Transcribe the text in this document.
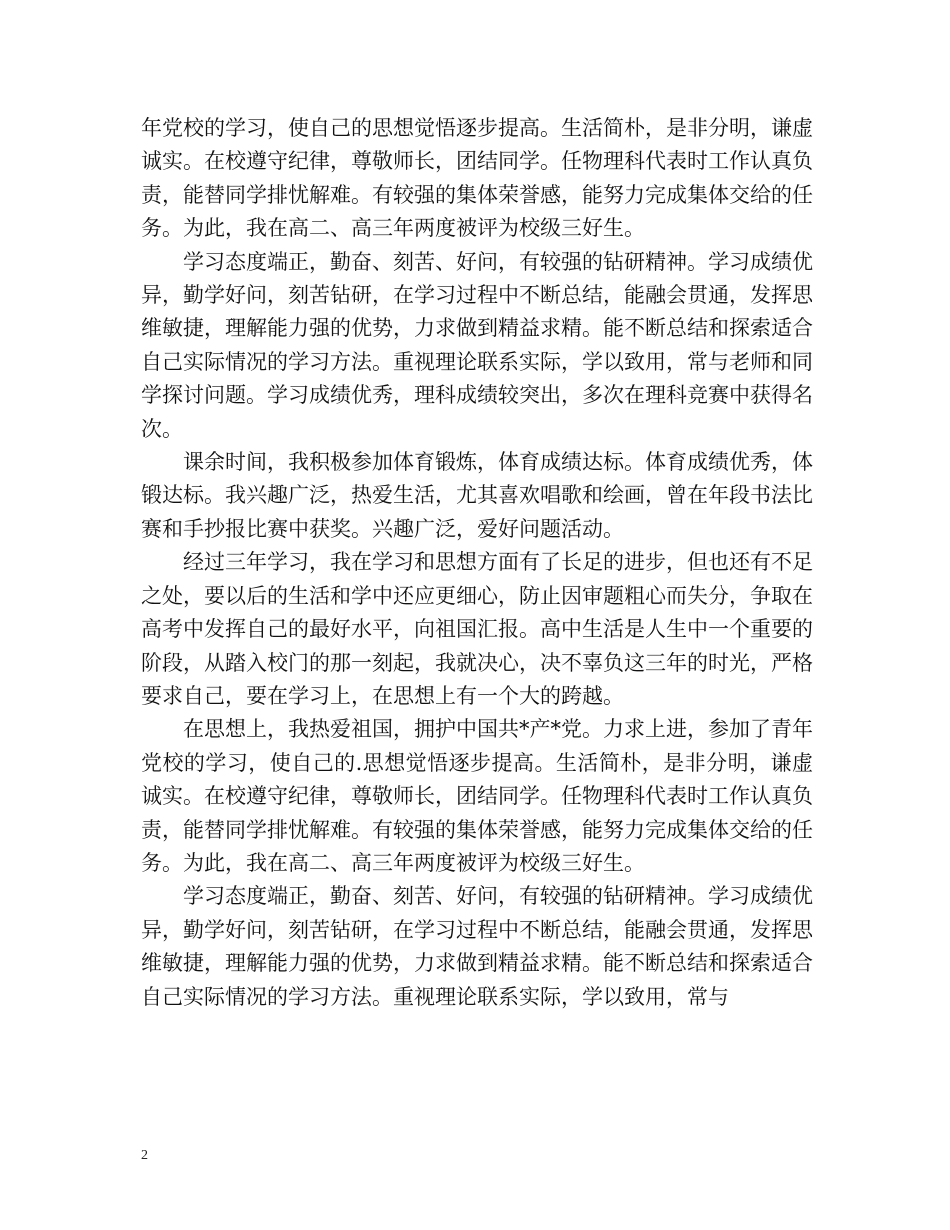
年党校的学习，使自己的思想觉悟逐步提高。生活简朴，是非分明，谦虚诚实。在校遵守纪律，尊敬师长，团结同学。任物理科代表时工作认真负责，能替同学排忧解难。有较强的集体荣誉感，能努力完成集体交给的任务。为此，我在高二、高三年两度被评为校级三好生。

学习态度端正，勤奋、刻苦、好问，有较强的钻研精神。学习成绩优异，勤学好问，刻苦钻研，在学习过程中不断总结，能融会贯通，发挥思维敏捷，理解能力强的优势，力求做到精益求精。能不断总结和探索适合自己实际情况的学习方法。重视理论联系实际，学以致用，常与老师和同学探讨问题。学习成绩优秀，理科成绩较突出，多次在理科竞赛中获得名次。

课余时间，我积极参加体育锻炼，体育成绩达标。体育成绩优秀，体锻达标。我兴趣广泛，热爱生活，尤其喜欢唱歌和绘画，曾在年段书法比赛和手抄报比赛中获奖。兴趣广泛，爱好问题活动。

经过三年学习，我在学习和思想方面有了长足的进步，但也还有不足之处，要以后的生活和学中还应更细心，防止因审题粗心而失分，争取在高考中发挥自己的最好水平，向祖国汇报。高中生活是人生中一个重要的阶段，从踏入校门的那一刻起，我就决心，决不辜负这三年的时光，严格要求自己，要在学习上，在思想上有一个大的跨越。

在思想上，我热爱祖国，拥护中国共*产*党。力求上进，参加了青年党校的学习，使自己的.思想觉悟逐步提高。生活简朴，是非分明，谦虚诚实。在校遵守纪律，尊敬师长，团结同学。任物理科代表时工作认真负责，能替同学排忧解难。有较强的集体荣誉感，能努力完成集体交给的任务。为此，我在高二、高三年两度被评为校级三好生。

学习态度端正，勤奋、刻苦、好问，有较强的钻研精神。学习成绩优异，勤学好问，刻苦钻研，在学习过程中不断总结，能融会贯通，发挥思维敏捷，理解能力强的优势，力求做到精益求精。能不断总结和探索适合自己实际情况的学习方法。重视理论联系实际，学以致用，常与

2
